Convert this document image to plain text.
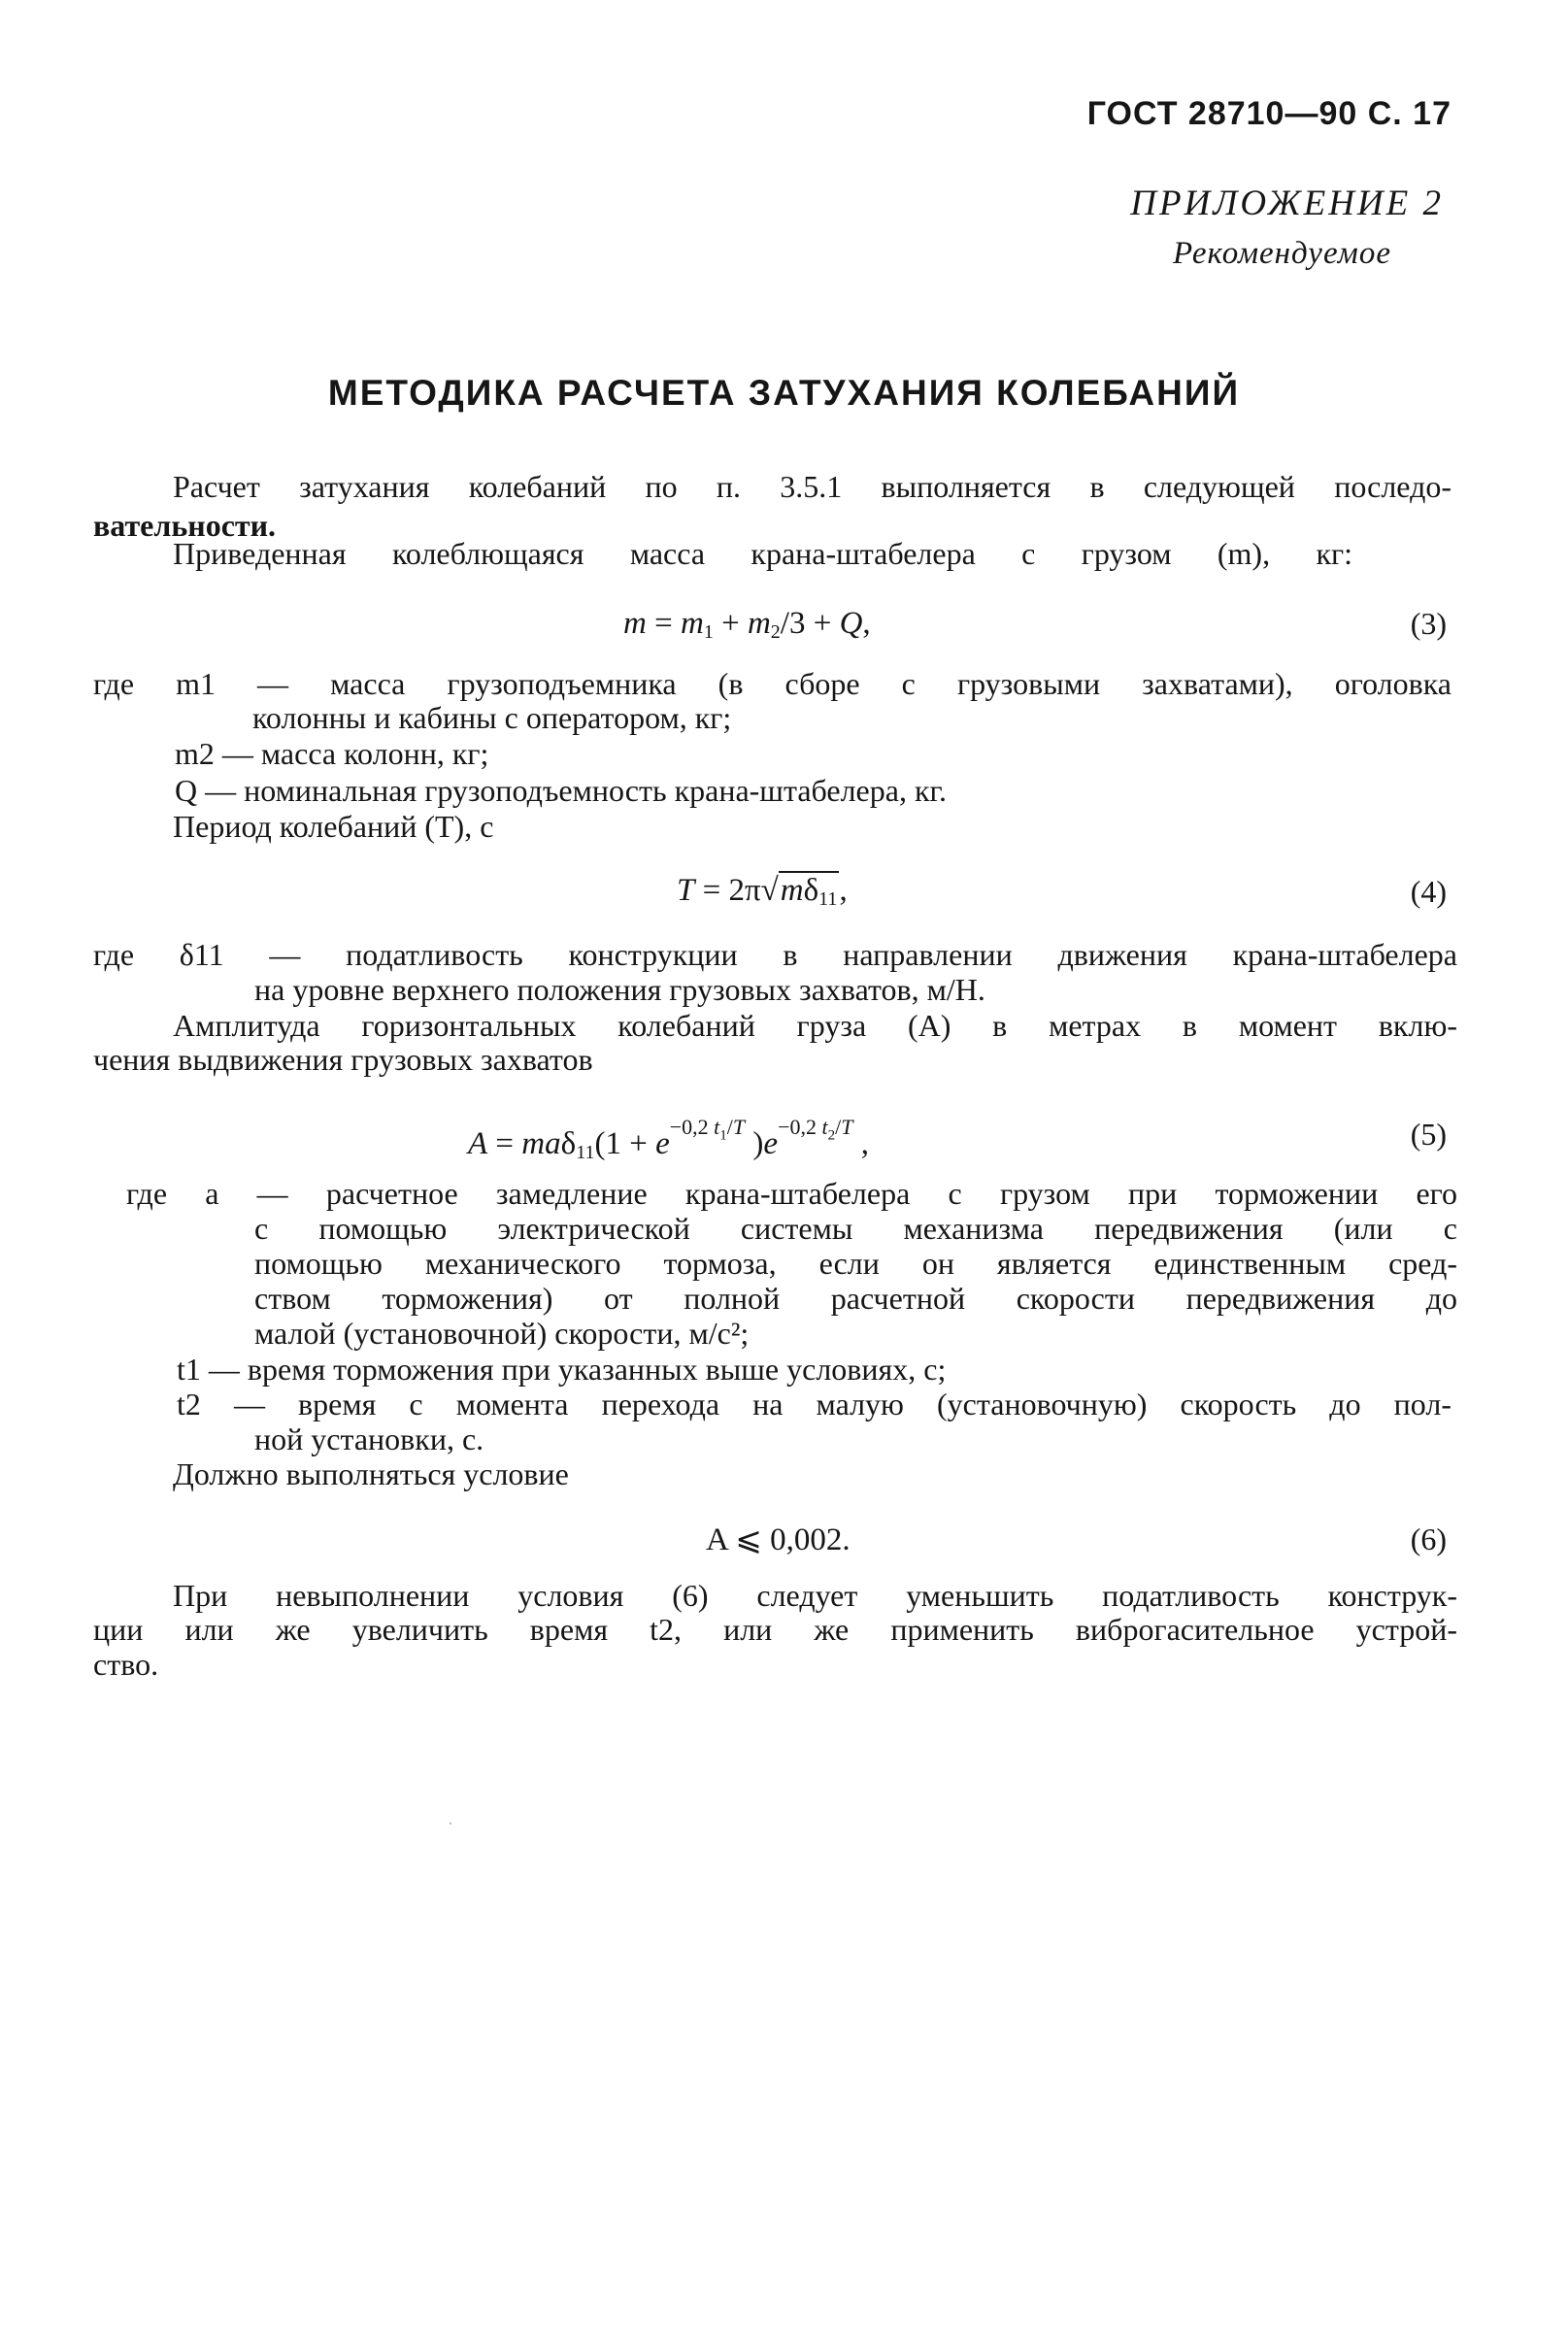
ГОСТ 28710—90 С. 17
ПРИЛОЖЕНИЕ 2
Рекомендуемое
МЕТОДИКА РАСЧЕТА ЗАТУХАНИЯ КОЛЕБАНИЙ
Расчет затухания колебаний по п. 3.5.1 выполняется в следующей последо-
вательности.
Приведенная колеблющаяся масса крана-штабелера с грузом (m), кг:
$m = m_1 + m_2/3 + Q$,	(3)
где m1 — масса грузоподъемника (в сборе с грузовыми захватами), оголовка
колонны и кабины с оператором, кг;
m2 — масса колонн, кг;
Q — номинальная грузоподъемность крана-штабелера, кг.
Период колебаний (T), с
$T = 2\pi√m\delta_{11}$,	(4)
где δ11 — податливость конструкции в направлении движения крана-штабелера
на уровне верхнего положения грузовых захватов, м/Н.
Амплитуда горизонтальных колебаний груза (A) в метрах в момент вклю-
чения выдвижения грузовых захватов
$A = ma\delta_{11}(1 + e^{-0,2 t_1/T}$ )$e^{-0,2 t_2/T}$ ,	(5)
где a — расчетное замедление крана-штабелера с грузом при торможении его
с помощью электрической системы механизма передвижения (или с
помощью механического тормоза, если он является единственным сред-
ством торможения) от полной расчетной скорости передвижения до
малой (установочной) скорости, м/с²;
t1 — время торможения при указанных выше условиях, с;
t2 — время с момента перехода на малую (установочную) скорость до пол-
ной установки, с.
Должно выполняться условие
A ⩽ 0,002.	(6)
При невыполнении условия (6) следует уменьшить податливость конструк-
ции или же увеличить время t2, или же применить виброгасительное устрой-
ство.
